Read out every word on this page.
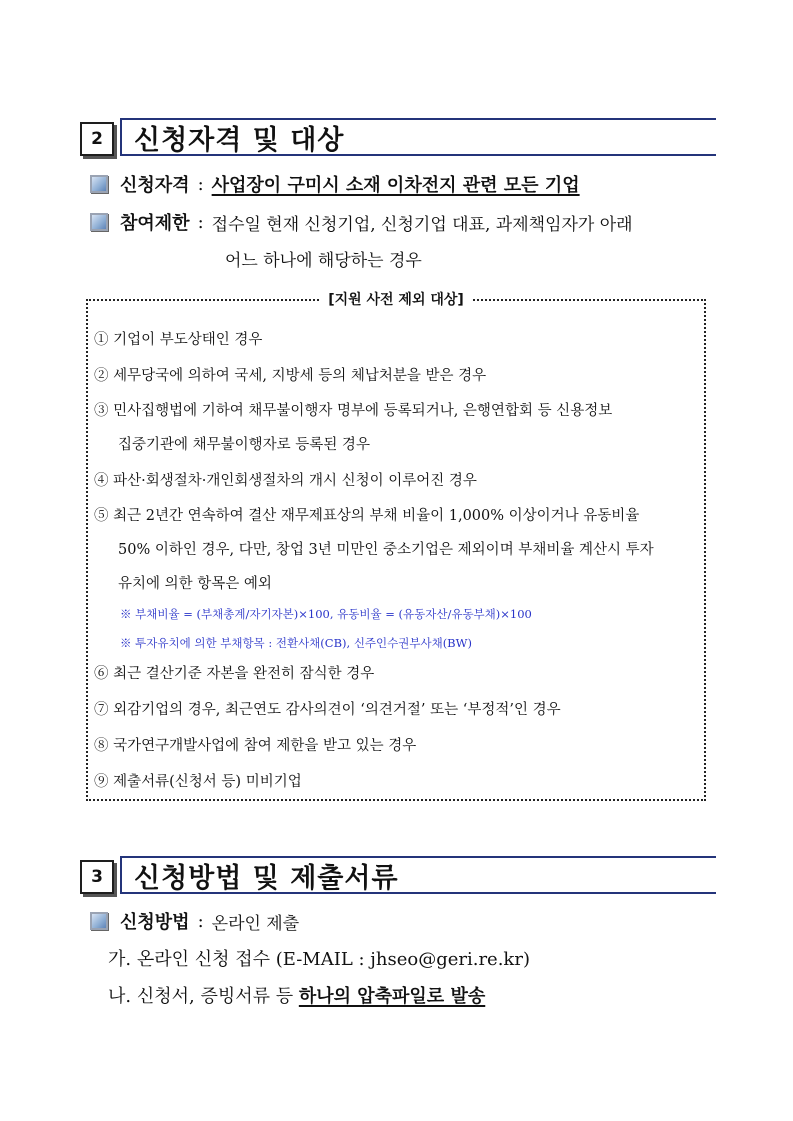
2	신청자격 및 대상
신청자격 : 사업장이 구미시 소재 이차전지 관련 모든 기업
참여제한 : 접수일 현재 신청기업, 신청기업 대표, 과제책임자가 아래
어느 하나에 해당하는 경우
[지원 사전 제외 대상]
① 기업이 부도상태인 경우
② 세무당국에 의하여 국세, 지방세 등의 체납처분을 받은 경우
③ 민사집행법에 기하여 채무불이행자 명부에 등록되거나, 은행연합회 등 신용정보
집중기관에 채무불이행자로 등록된 경우
④ 파산·회생절차·개인회생절차의 개시 신청이 이루어진 경우
⑤ 최근 2년간 연속하여 결산 재무제표상의 부채 비율이 1,000% 이상이거나 유동비율
50% 이하인 경우, 다만, 창업 3년 미만인 중소기업은 제외이며 부채비율 계산시 투자
유치에 의한 항목은 예외
※ 부채비율 = (부채총계/자기자본)×100, 유동비율 = (유동자산/유동부채)×100
※ 투자유치에 의한 부채항목 : 전환사채(CB), 신주인수권부사채(BW)
⑥ 최근 결산기준 자본을 완전히 잠식한 경우
⑦ 외감기업의 경우, 최근연도 감사의견이 ‘의견거절’ 또는 ‘부정적’인 경우
⑧ 국가연구개발사업에 참여 제한을 받고 있는 경우
⑨ 제출서류(신청서 등) 미비기업
3	신청방법 및 제출서류
신청방법 : 온라인 제출
가. 온라인 신청 접수 (E-MAIL : jhseo@geri.re.kr)
나. 신청서, 증빙서류 등 하나의 압축파일로 발송
